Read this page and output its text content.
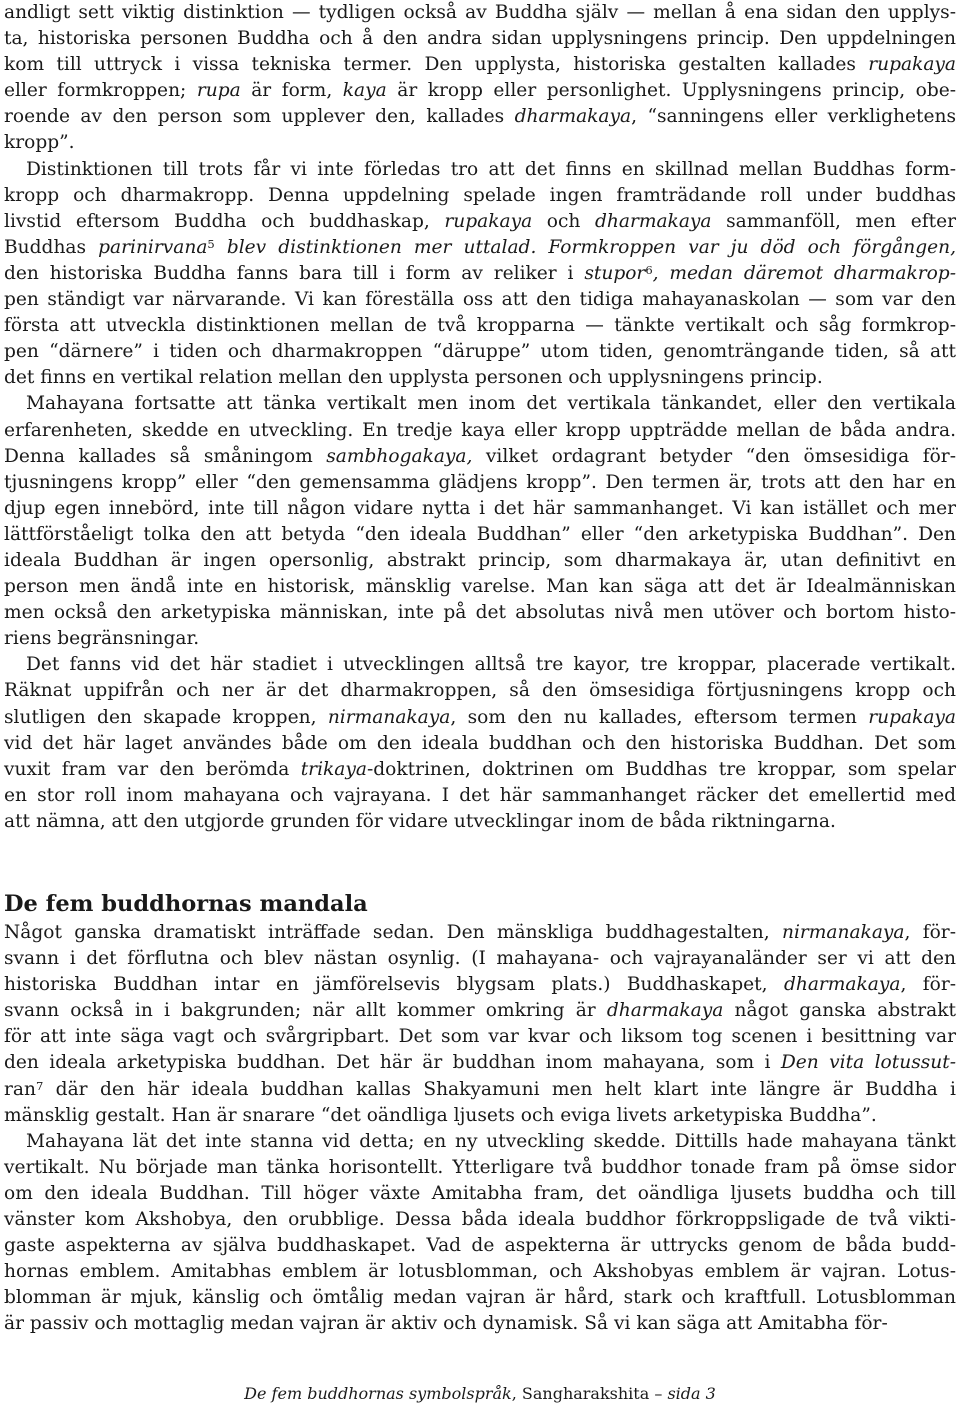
andligt sett viktig distinktion — tydligen också av Buddha själv — mellan å ena sidan den upplys-
ta, historiska personen Buddha och å den andra sidan upplysningens princip. Den uppdelningen
kom till uttryck i vissa tekniska termer. Den upplysta, historiska gestalten kallades rupakaya
eller formkroppen; rupa är form, kaya är kropp eller personlighet. Upplysningens princip, obe-
roende av den person som upplever den, kallades dharmakaya, “sanningens eller verklighetens
kropp”.
Distinktionen till trots får vi inte förledas tro att det finns en skillnad mellan Buddhas form-
kropp och dharmakropp. Denna uppdelning spelade ingen framträdande roll under buddhas
livstid eftersom Buddha och buddhaskap, rupakaya och dharmakaya sammanföll, men efter
Buddhas parinirvana$^5$ blev distinktionen mer uttalad. Formkroppen var ju död och förgången,
den historiska Buddha fanns bara till i form av reliker i stupor$^6$, medan däremot dharmakrop-
pen ständigt var närvarande. Vi kan föreställa oss att den tidiga mahayanaskolan — som var den
första att utveckla distinktionen mellan de två kropparna — tänkte vertikalt och såg formkrop-
pen “därnere” i tiden och dharmakroppen “däruppe” utom tiden, genomträngande tiden, så att
det finns en vertikal relation mellan den upplysta personen och upplysningens princip.
Mahayana fortsatte att tänka vertikalt men inom det vertikala tänkandet, eller den vertikala
erfarenheten, skedde en utveckling. En tredje kaya eller kropp uppträdde mellan de båda andra.
Denna kallades så småningom sambhogakaya, vilket ordagrant betyder “den ömsesidiga för-
tjusningens kropp” eller “den gemensamma glädjens kropp”. Den termen är, trots att den har en
djup egen innebörd, inte till någon vidare nytta i det här sammanhanget. Vi kan istället och mer
lättförståeligt tolka den att betyda “den ideala Buddhan” eller “den arketypiska Buddhan”. Den
ideala Buddhan är ingen opersonlig, abstrakt princip, som dharmakaya är, utan definitivt en
person men ändå inte en historisk, mänsklig varelse. Man kan säga att det är Idealmänniskan
men också den arketypiska människan, inte på det absolutas nivå men utöver och bortom histo-
riens begränsningar.
Det fanns vid det här stadiet i utvecklingen alltså tre kayor, tre kroppar, placerade vertikalt.
Räknat uppifrån och ner är det dharmakroppen, så den ömsesidiga förtjusningens kropp och
slutligen den skapade kroppen, nirmanakaya, som den nu kallades, eftersom termen rupakaya
vid det här laget användes både om den ideala buddhan och den historiska Buddhan. Det som
vuxit fram var den berömda trikaya-doktrinen, doktrinen om Buddhas tre kroppar, som spelar
en stor roll inom mahayana och vajrayana. I det här sammanhanget räcker det emellertid med
att nämna, att den utgjorde grunden för vidare utvecklingar inom de båda riktningarna.
De fem buddhornas mandala
Något ganska dramatiskt inträffade sedan. Den mänskliga buddhagestalten, nirmanakaya, för-
svann i det förflutna och blev nästan osynlig. (I mahayana- och vajrayanaländer ser vi att den
historiska Buddhan intar en jämförelsevis blygsam plats.) Buddhaskapet, dharmakaya, för-
svann också in i bakgrunden; när allt kommer omkring är dharmakaya något ganska abstrakt
för att inte säga vagt och svårgripbart. Det som var kvar och liksom tog scenen i besittning var
den ideala arketypiska buddhan. Det här är buddhan inom mahayana, som i Den vita lotussut-
ran$^7$ där den här ideala buddhan kallas Shakyamuni men helt klart inte längre är Buddha i
mänsklig gestalt. Han är snarare “det oändliga ljusets och eviga livets arketypiska Buddha”.
Mahayana lät det inte stanna vid detta; en ny utveckling skedde. Dittills hade mahayana tänkt
vertikalt. Nu började man tänka horisontellt. Ytterligare två buddhor tonade fram på ömse sidor
om den ideala Buddhan. Till höger växte Amitabha fram, det oändliga ljusets buddha och till
vänster kom Akshobya, den orubblige. Dessa båda ideala buddhor förkroppsligade de två vikti-
gaste aspekterna av själva buddhaskapet. Vad de aspekterna är uttrycks genom de båda budd-
hornas emblem. Amitabhas emblem är lotusblomman, och Akshobyas emblem är vajran. Lotus-
blomman är mjuk, känslig och ömtålig medan vajran är hård, stark och kraftfull. Lotusblomman
är passiv och mottaglig medan vajran är aktiv och dynamisk. Så vi kan säga att Amitabha för-
De fem buddhornas symbolspråk, Sangharakshita – sida 3
